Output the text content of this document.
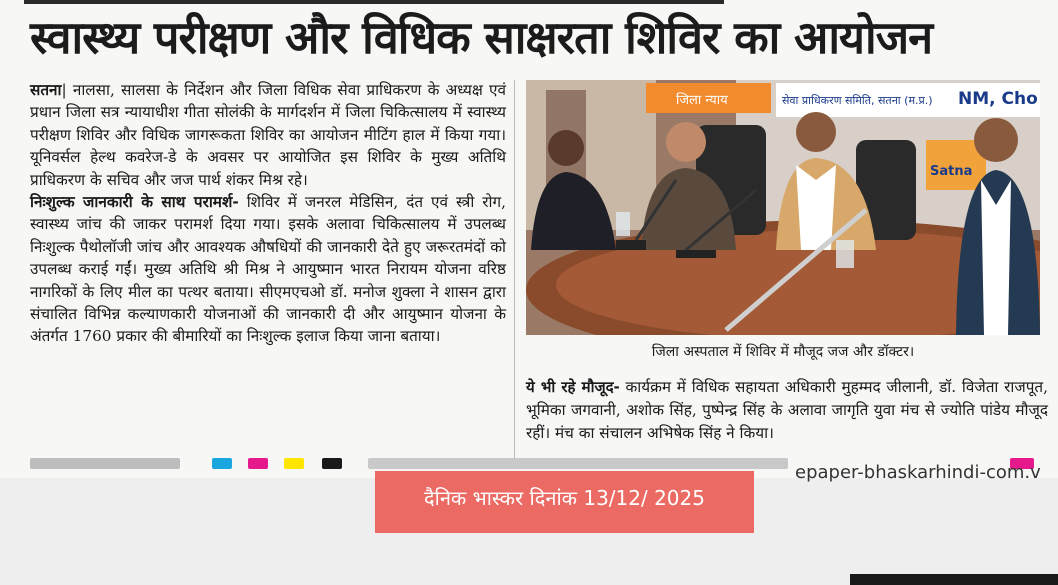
स्वास्थ्य परीक्षण और विधिक साक्षरता शिविर का आयोजन

सतना| नालसा, सालसा के निर्देशन और जिला विधिक सेवा प्राधिकरण के अध्यक्ष एवं प्रधान जिला सत्र न्यायाधीश गीता सोलंकी के मार्गदर्शन में जिला चिकित्सालय में स्वास्थ्य परीक्षण शिविर और विधिक जागरूकता शिविर का आयोजन मीटिंग हाल में किया गया। यूनिवर्सल हेल्थ कवरेज-डे के अवसर पर आयोजित इस शिविर के मुख्य अतिथि प्राधिकरण के सचिव और जज पार्थ शंकर मिश्र रहे।

निःशुल्क जानकारी के साथ परामर्श- शिविर में जनरल मेडिसिन, दंत एवं स्त्री रोग, स्वास्थ्य जांच की जाकर परामर्श दिया गया। इसके अलावा चिकित्सालय में उपलब्ध निःशुल्क पैथोलॉजी जांच और आवश्यक औषधियों की जानकारी देते हुए जरूरतमंदों को उपलब्ध कराई गईं। मुख्य अतिथि श्री मिश्र ने आयुष्मान भारत निरायम योजना वरिष्ठ नागरिकों के लिए मील का पत्थर बताया। सीएमएचओ डॉ. मनोज शुक्ला ने शासन द्वारा संचालित विभिन्न कल्याणकारी योजनाओं की जानकारी दी और आयुष्मान योजना के अंतर्गत 1760 प्रकार की बीमारियों का निःशुल्क इलाज किया जाना बताया।

जिला न्याय	सेवा प्राधिकरण समिति, सतना (म.प्र.) NM, Cho
Satna
जिला अस्पताल में शिविर में मौजूद जज और डॉक्टर।
ये भी रहे मौजूद- कार्यक्रम में विधिक सहायता अधिकारी मुहम्मद जीलानी, डॉ. विजेता राजपूत, भूमिका जगवानी, अशोक सिंह, पुष्पेन्द्र सिंह के अलावा जागृति युवा मंच से ज्योति पांडेय मौजूद रहीं। मंच का संचालन अभिषेक सिंह ने किया।
epaper-bhaskarhindi-com.v
दैनिक भास्कर दिनांक 13/12/ 2025
